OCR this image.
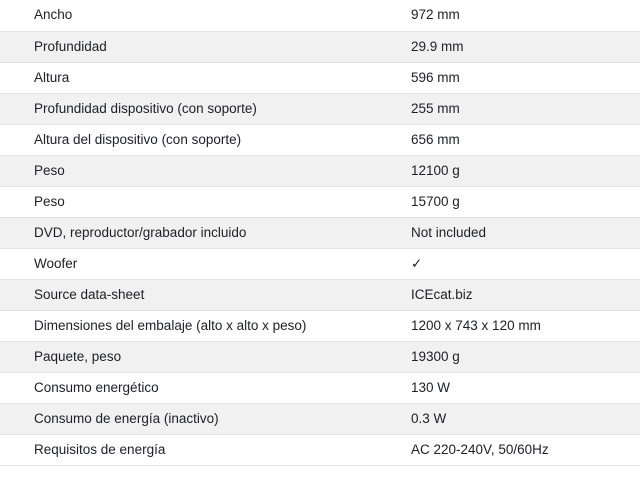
Ancho	972 mm
Profundidad	29.9 mm
Altura	596 mm
Profundidad dispositivo (con soporte)	255 mm
Altura del dispositivo (con soporte)	656 mm
Peso	12100 g
Peso	15700 g
DVD, reproductor/grabador incluido	Not included
Woofer	✓
Source data-sheet	ICEcat.biz
Dimensiones del embalaje (alto x alto x peso)	1200 x 743 x 120 mm
Paquete, peso	19300 g
Consumo energético	130 W
Consumo de energía (inactivo)	0.3 W
Requisitos de energía	AC 220-240V, 50/60Hz
